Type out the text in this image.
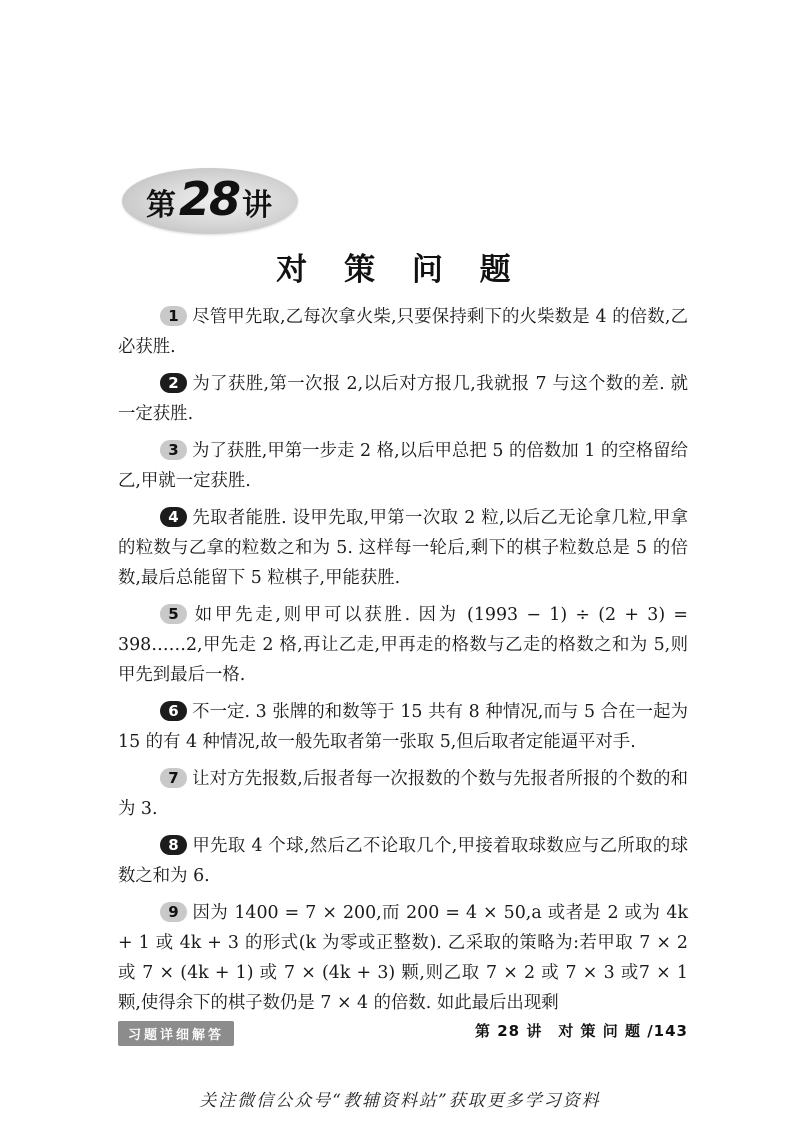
第 28 讲
对 策 问 题

1 尽管甲先取,乙每次拿火柴,只要保持剩下的火柴数是 4 的倍数,乙必获胜.

2 为了获胜,第一次报 2,以后对方报几,我就报 7 与这个数的差. 就一定获胜.

3 为了获胜,甲第一步走 2 格,以后甲总把 5 的倍数加 1 的空格留给乙,甲就一定获胜.

4 先取者能胜. 设甲先取,甲第一次取 2 粒,以后乙无论拿几粒,甲拿的粒数与乙拿的粒数之和为 5. 这样每一轮后,剩下的棋子粒数总是 5 的倍数,最后总能留下 5 粒棋子,甲能获胜.

5 如甲先走,则甲可以获胜. 因为 (1993 − 1) ÷ (2 + 3) = 398……2,甲先走 2 格,再让乙走,甲再走的格数与乙走的格数之和为 5,则甲先到最后一格.

6 不一定. 3 张牌的和数等于 15 共有 8 种情况,而与 5 合在一起为 15 的有 4 种情况,故一般先取者第一张取 5,但后取者定能逼平对手.

7 让对方先报数,后报者每一次报数的个数与先报者所报的个数的和为 3.

8 甲先取 4 个球,然后乙不论取几个,甲接着取球数应与乙所取的球数之和为 6.

9 因为 1400 = 7 × 200,而 200 = 4 × 50,a 或者是 2 或为 4k + 1 或 4k + 3 的形式(k 为零或正整数). 乙采取的策略为:若甲取 7 × 2 或 7 × (4k + 1) 或 7 × (4k + 3) 颗,则乙取 7 × 2 或 7 × 3 或7 × 1 颗,使得余下的棋子数仍是 7 × 4 的倍数. 如此最后出现剩

习题详细解答	第 28 讲　对 策 问 题 /143
关注微信公众号“教辅资料站”获取更多学习资料
